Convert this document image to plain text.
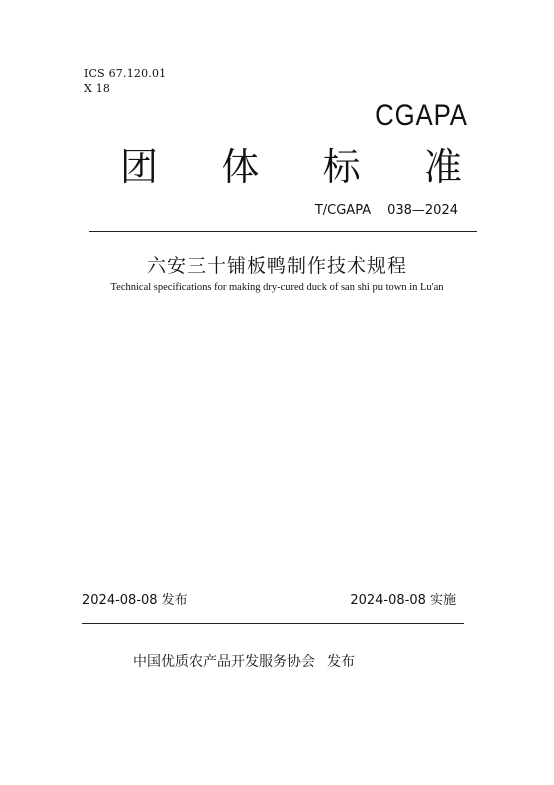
ICS 67.120.01
X 18
CGAPA
团 体 标 准
T/CGAPA 038—2024
六安三十铺板鸭制作技术规程
Technical specifications for making dry-cured duck of san shi pu town in Lu'an
2024-08-08 发布	2024-08-08 实施
中国优质农产品开发服务协会 发布
